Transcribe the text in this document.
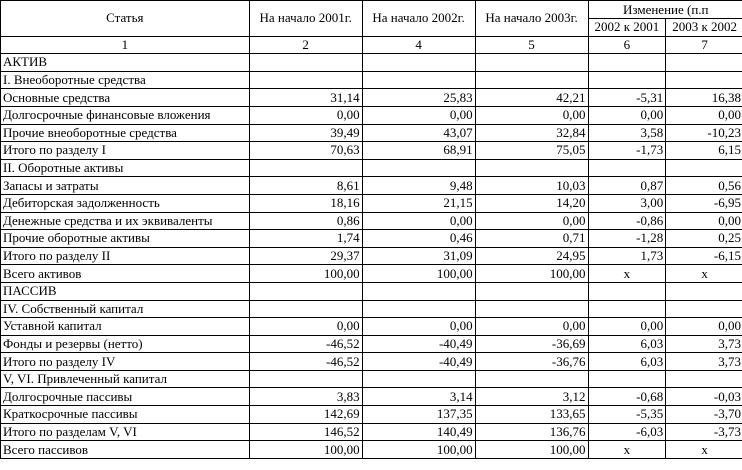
Статья	На начало 2001г.	На начало 2002г.	На начало 2003г.	Изменение (п.п	
				2002 к 2001	2003 к 2002
1	2	4	5	6	7
АКТИВ					
I. Внеоборотные средства					
Основные средства	31,14	25,83	42,21	-5,31	16,38
Долгосрочные финансовые вложения	0,00	0,00	0,00	0,00	0,00
Прочие внеоборотные средства	39,49	43,07	32,84	3,58	-10,23
Итого по разделу I	70,63	68,91	75,05	-1,73	6,15
II. Оборотные активы					
Запасы и затраты	8,61	9,48	10,03	0,87	0,56
Дебиторская задолженность	18,16	21,15	14,20	3,00	-6,95
Денежные средства и их эквиваленты	0,86	0,00	0,00	-0,86	0,00
Прочие оборотные активы	1,74	0,46	0,71	-1,28	0,25
Итого по разделу II	29,37	31,09	24,95	1,73	-6,15
Всего активов	100,00	100,00	100,00	х	х
ПАССИВ					
IV. Собственный капитал					
Уставной капитал	0,00	0,00	0,00	0,00	0,00
Фонды и резервы (нетто)	-46,52	-40,49	-36,69	6,03	3,73
Итого по разделу IV	-46,52	-40,49	-36,76	6,03	3,73
V, VI. Привлеченный капитал					
Долгосрочные пассивы	3,83	3,14	3,12	-0,68	-0,03
Краткосрочные пассивы	142,69	137,35	133,65	-5,35	-3,70
Итого по разделам V, VI	146,52	140,49	136,76	-6,03	-3,73
Всего пассивов	100,00	100,00	100,00	х	х
